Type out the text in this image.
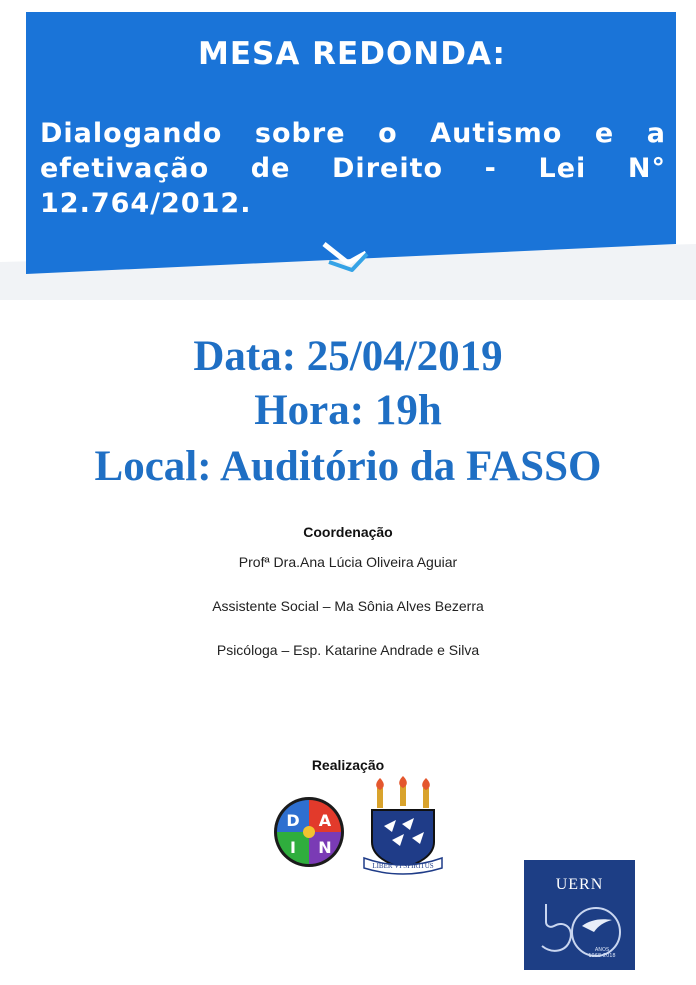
MESA REDONDA:
Dialogando sobre o Autismo e a efetivação de Direito - Lei N° 12.764/2012.
Data: 25/04/2019
Hora: 19h
Local: Auditório da FASSO
Coordenação
Profª Dra.Ana Lúcia Oliveira Aguiar
Assistente Social – Ma Sônia Alves Bezerra
Psicóloga – Esp. Katarine Andrade e Silva
Realização
D A
I N
LIBER VI SPIRITUS
UERN
ANOS
1968-2018
